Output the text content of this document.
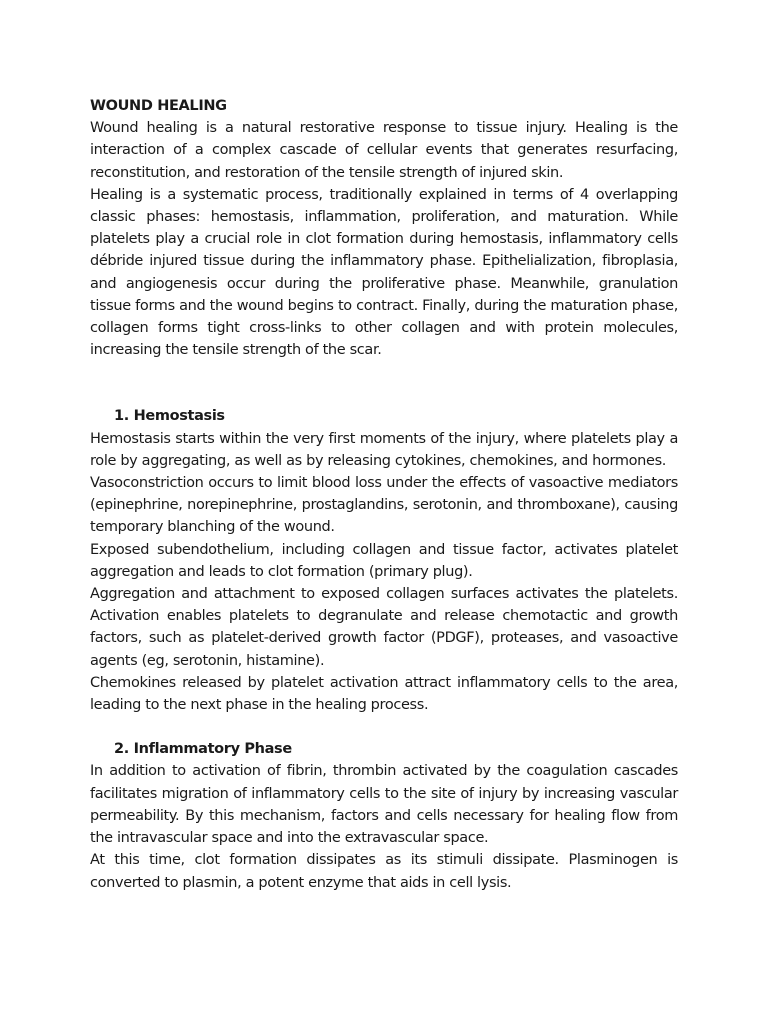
WOUND HEALING

Wound healing is a natural restorative response to tissue injury. Healing is the interaction of a complex cascade of cellular events that generates resurfacing, reconstitution, and restoration of the tensile strength of injured skin.

Healing is a systematic process, traditionally explained in terms of 4 overlapping classic phases: hemostasis, inflammation, proliferation, and maturation. While platelets play a crucial role in clot formation during hemostasis, inflammatory cells débride injured tissue during the inflammatory phase. Epithelialization, fibroplasia, and angiogenesis occur during the proliferative phase. Meanwhile, granulation tissue forms and the wound begins to contract. Finally, during the maturation phase, collagen forms tight cross-links to other collagen and with protein molecules, increasing the tensile strength of the scar.

1. Hemostasis

Hemostasis starts within the very first moments of the injury, where platelets play a role by aggregating, as well as by releasing cytokines, chemokines, and hormones.

Vasoconstriction occurs to limit blood loss under the effects of vasoactive mediators (epinephrine, norepinephrine, prostaglandins, serotonin, and thromboxane), causing temporary blanching of the wound.

Exposed subendothelium, including collagen and tissue factor, activates platelet aggregation and leads to clot formation (primary plug).

Aggregation and attachment to exposed collagen surfaces activates the platelets. Activation enables platelets to degranulate and release chemotactic and growth factors, such as platelet-derived growth factor (PDGF), proteases, and vasoactive agents (eg, serotonin, histamine).

Chemokines released by platelet activation attract inflammatory cells to the area, leading to the next phase in the healing process.

2. Inflammatory Phase

In addition to activation of fibrin, thrombin activated by the coagulation cascades facilitates migration of inflammatory cells to the site of injury by increasing vascular permeability. By this mechanism, factors and cells necessary for healing flow from the intravascular space and into the extravascular space.

At this time, clot formation dissipates as its stimuli dissipate. Plasminogen is converted to plasmin, a potent enzyme that aids in cell lysis.
